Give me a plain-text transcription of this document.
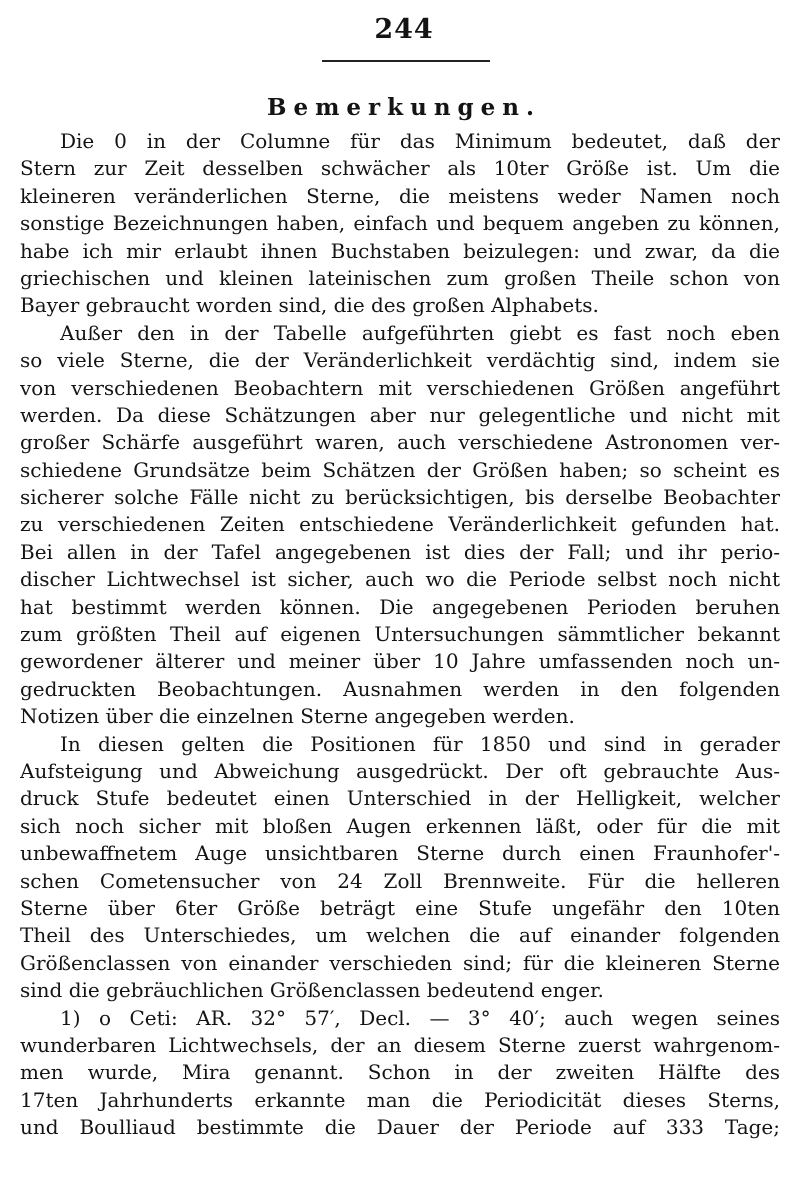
244
Bemerkungen.
Die 0 in der Columne für das Minimum bedeutet, daß der
Stern zur Zeit desselben schwächer als 10ter Größe ist. Um die
kleineren veränderlichen Sterne, die meistens weder Namen noch
sonstige Bezeichnungen haben, einfach und bequem angeben zu können,
habe ich mir erlaubt ihnen Buchstaben beizulegen: und zwar, da die
griechischen und kleinen lateinischen zum großen Theile schon von
Bayer gebraucht worden sind, die des großen Alphabets.
Außer den in der Tabelle aufgeführten giebt es fast noch eben
so viele Sterne, die der Veränderlichkeit verdächtig sind, indem sie
von verschiedenen Beobachtern mit verschiedenen Größen angeführt
werden. Da diese Schätzungen aber nur gelegentliche und nicht mit
großer Schärfe ausgeführt waren, auch verschiedene Astronomen ver-
schiedene Grundsätze beim Schätzen der Größen haben; so scheint es
sicherer solche Fälle nicht zu berücksichtigen, bis derselbe Beobachter
zu verschiedenen Zeiten entschiedene Veränderlichkeit gefunden hat.
Bei allen in der Tafel angegebenen ist dies der Fall; und ihr perio-
discher Lichtwechsel ist sicher, auch wo die Periode selbst noch nicht
hat bestimmt werden können. Die angegebenen Perioden beruhen
zum größten Theil auf eigenen Untersuchungen sämmtlicher bekannt
gewordener älterer und meiner über 10 Jahre umfassenden noch un-
gedruckten Beobachtungen. Ausnahmen werden in den folgenden
Notizen über die einzelnen Sterne angegeben werden.
In diesen gelten die Positionen für 1850 und sind in gerader
Aufsteigung und Abweichung ausgedrückt. Der oft gebrauchte Aus-
druck Stufe bedeutet einen Unterschied in der Helligkeit, welcher
sich noch sicher mit bloßen Augen erkennen läßt, oder für die mit
unbewaffnetem Auge unsichtbaren Sterne durch einen Fraunhofer'-
schen Cometensucher von 24 Zoll Brennweite. Für die helleren
Sterne über 6ter Größe beträgt eine Stufe ungefähr den 10ten
Theil des Unterschiedes, um welchen die auf einander folgenden
Größenclassen von einander verschieden sind; für die kleineren Sterne
sind die gebräuchlichen Größenclassen bedeutend enger.
1) o Ceti: AR. 32° 57′, Decl. — 3° 40′; auch wegen seines
wunderbaren Lichtwechsels, der an diesem Sterne zuerst wahrgenom-
men wurde, Mira genannt. Schon in der zweiten Hälfte des
17ten Jahrhunderts erkannte man die Periodicität dieses Sterns,
und Boulliaud bestimmte die Dauer der Periode auf 333 Tage;
